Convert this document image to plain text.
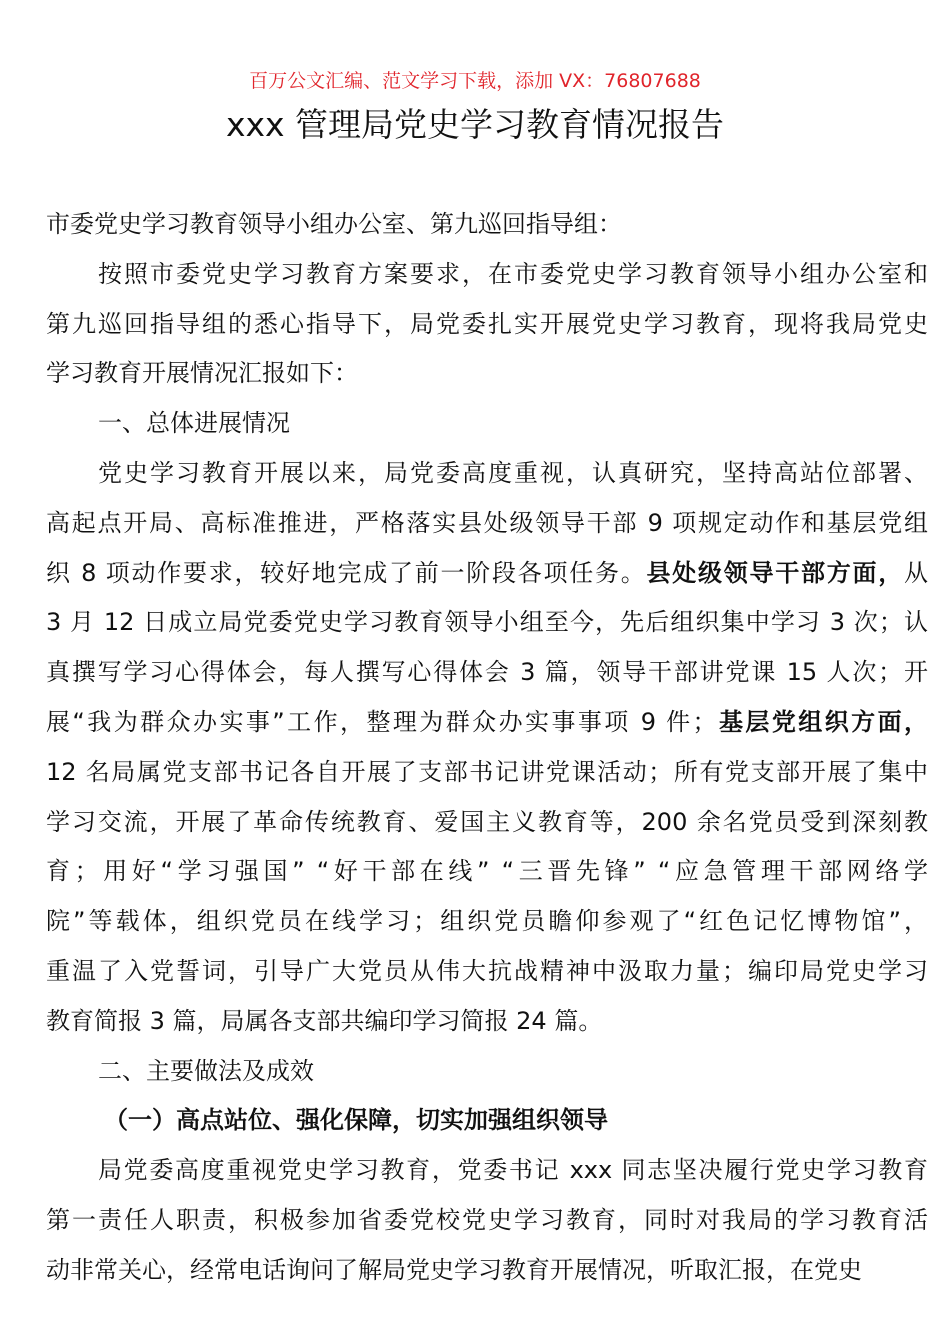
百万公文汇编、范文学习下载，添加 VX：76807688
xxx 管理局党史学习教育情况报告
市委党史学习教育领导小组办公室、第九巡回指导组：
按照市委党史学习教育方案要求，在市委党史学习教育领导小组办公室和
第九巡回指导组的悉心指导下，局党委扎实开展党史学习教育，现将我局党史
学习教育开展情况汇报如下：
一、总体进展情况
党史学习教育开展以来，局党委高度重视，认真研究，坚持高站位部署、
高起点开局、高标准推进，严格落实县处级领导干部 9 项规定动作和基层党组
织 8 项动作要求，较好地完成了前一阶段各项任务。县处级领导干部方面，从
3 月 12 日成立局党委党史学习教育领导小组至今，先后组织集中学习 3 次；认
真撰写学习心得体会，每人撰写心得体会 3 篇，领导干部讲党课 15 人次；开
展“我为群众办实事”工作，整理为群众办实事事项 9 件；基层党组织方面，
12 名局属党支部书记各自开展了支部书记讲党课活动；所有党支部开展了集中
学习交流，开展了革命传统教育、爱国主义教育等，200 余名党员受到深刻教
育；用好“学习强国” “好干部在线” “三晋先锋” “应急管理干部网络学
院”等载体，组织党员在线学习；组织党员瞻仰参观了“红色记忆博物馆”，
重温了入党誓词，引导广大党员从伟大抗战精神中汲取力量；编印局党史学习
教育简报 3 篇，局属各支部共编印学习简报 24 篇。
二、主要做法及成效
（一）高点站位、强化保障，切实加强组织领导
局党委高度重视党史学习教育，党委书记 xxx 同志坚决履行党史学习教育
第一责任人职责，积极参加省委党校党史学习教育，同时对我局的学习教育活
动非常关心，经常电话询问了解局党史学习教育开展情况，听取汇报，在党史
